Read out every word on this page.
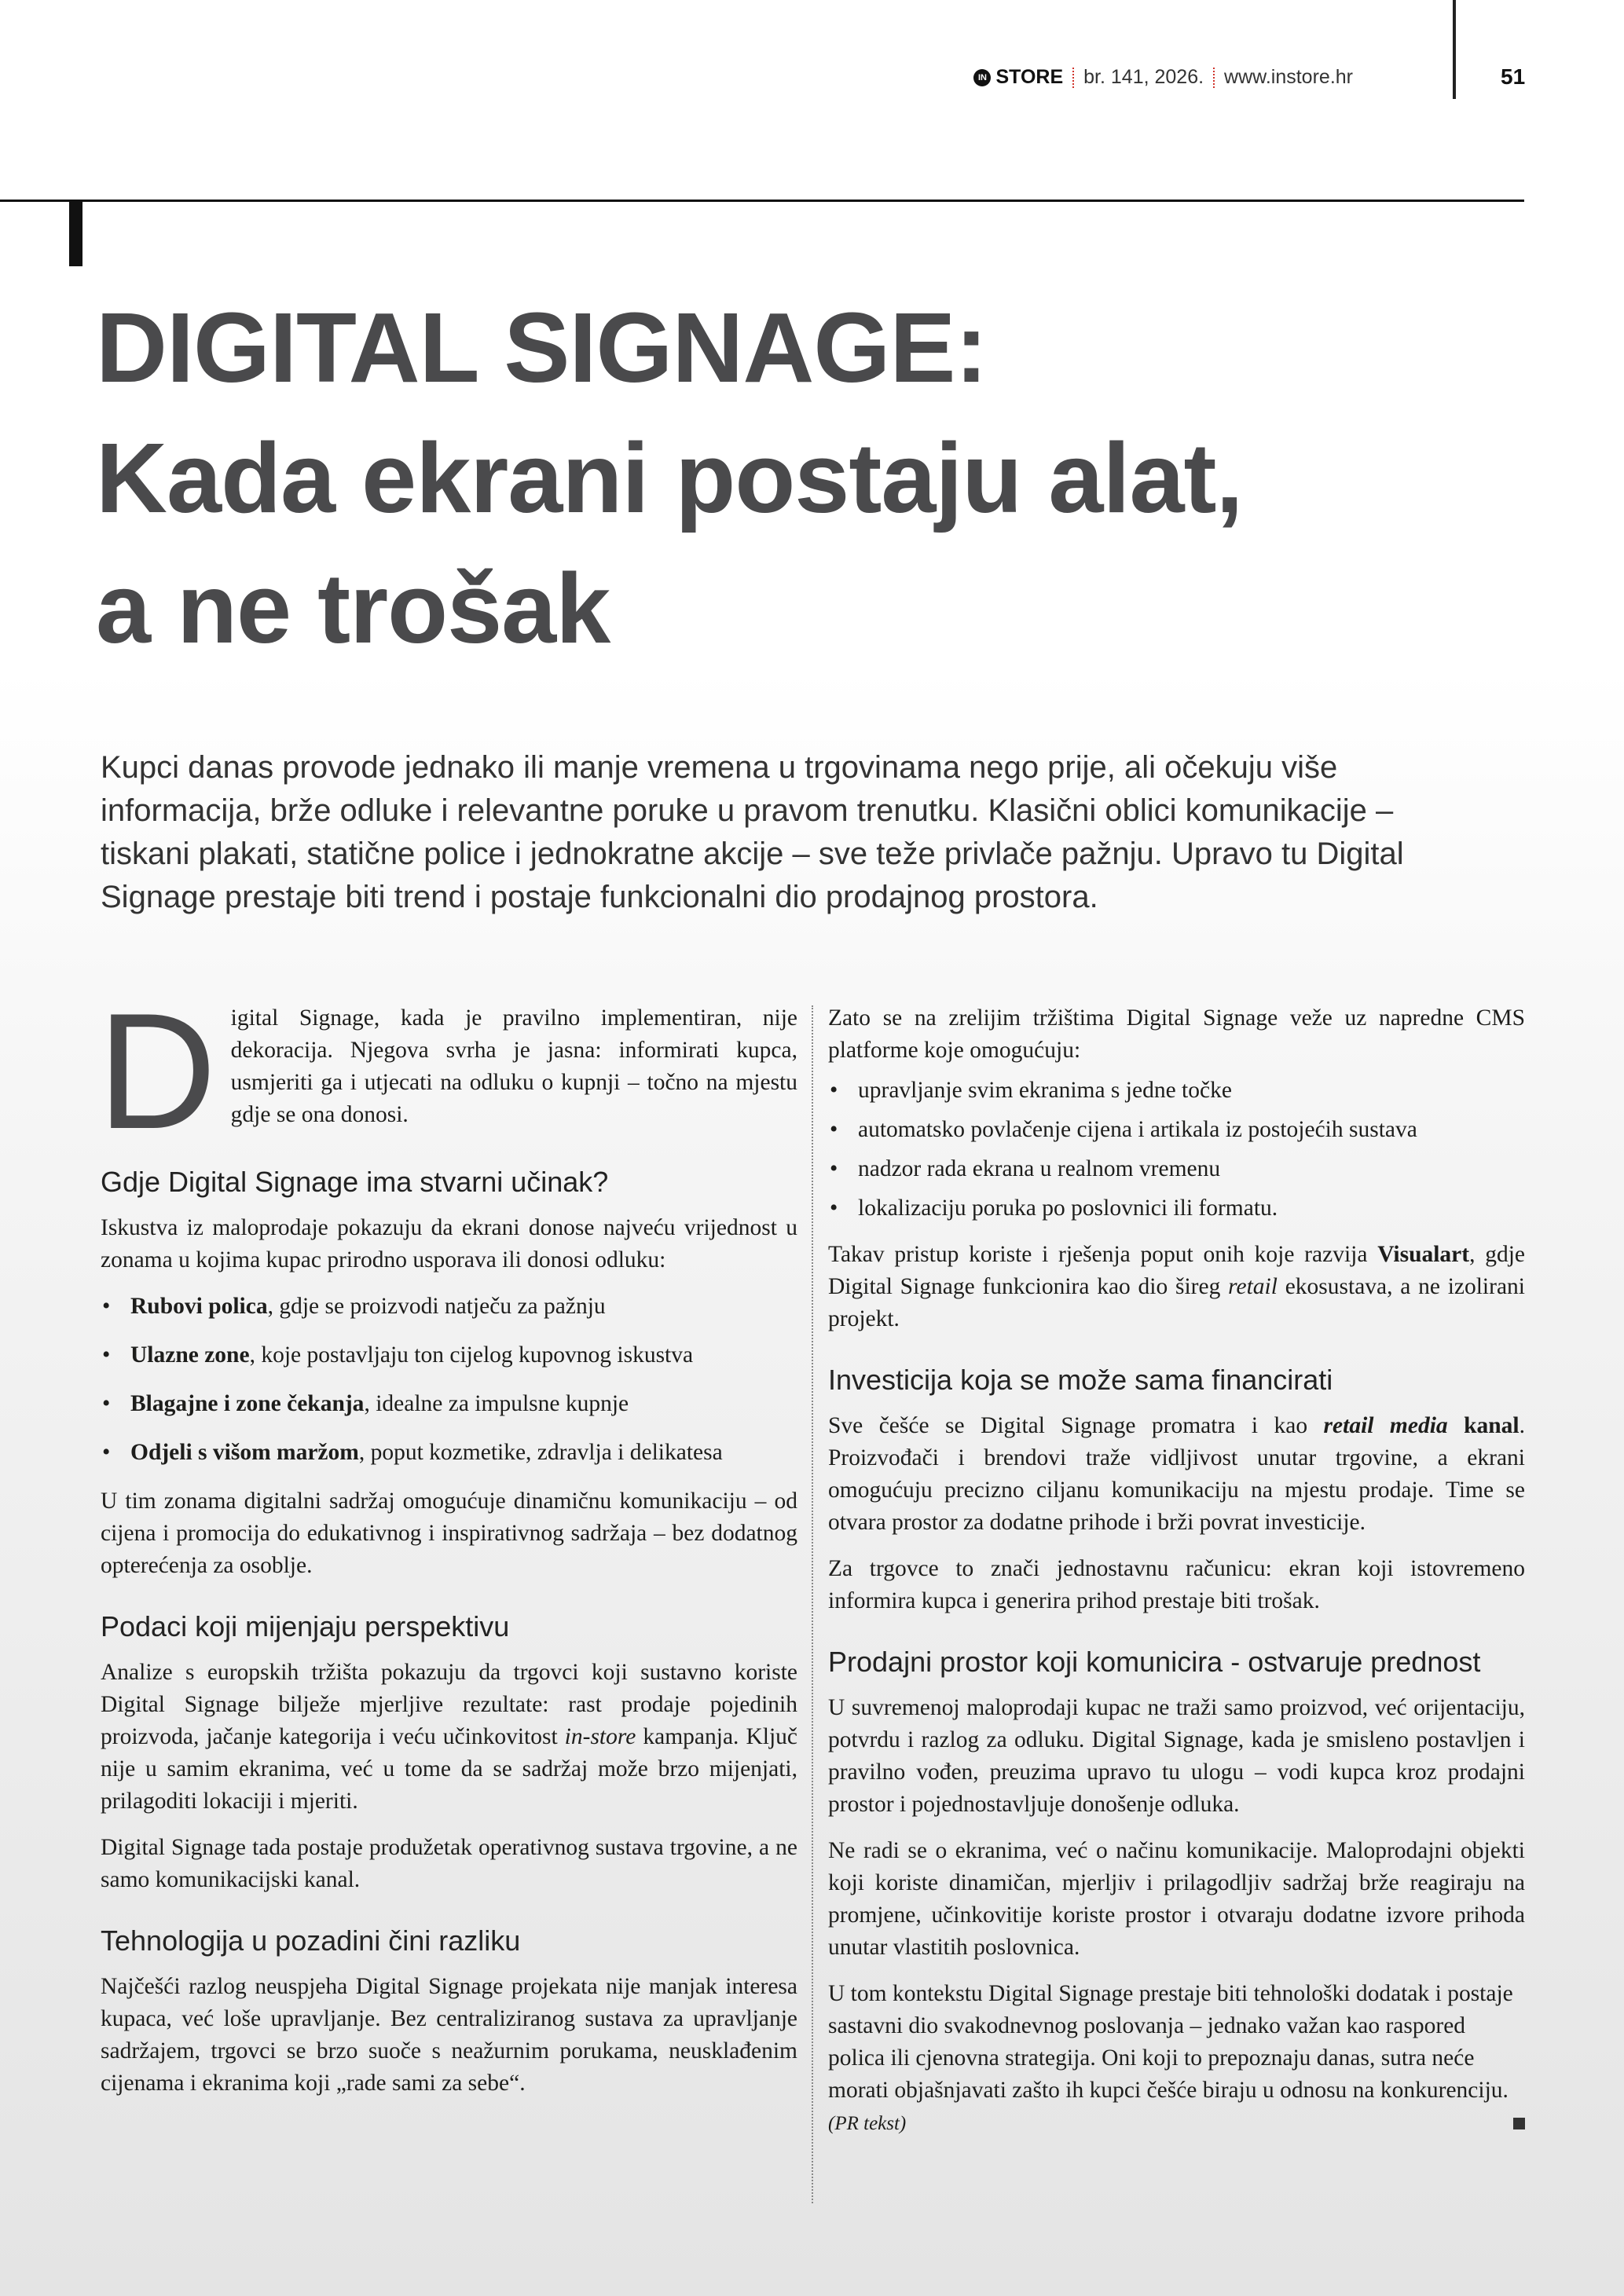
IN STORE br. 141, 2026. www.instore.hr	51
DIGITAL SIGNAGE:
Kada ekrani postaju alat,
a ne trošak

Kupci danas provode jednako ili manje vremena u trgovinama nego prije, ali očekuju više informacija, brže odluke i relevantne poruke u pravom trenutku. Klasični oblici komunikacije – tiskani plakati, statične police i jednokratne akcije – sve teže privlače pažnju. Upravo tu Digital Signage prestaje biti trend i postaje funkcionalni dio prodajnog prostora.

Digital Signage, kada je pravilno implementiran, nije dekoracija. Njegova svrha je jasna: informirati kupca, usmjeriti ga i utjecati na odluku o kupnji – točno na mjestu gdje se ona donosi.

Gdje Digital Signage ima stvarni učinak?

Iskustva iz maloprodaje pokazuju da ekrani donose najveću vrijednost u zonama u kojima kupac prirodno usporava ili donosi odluku:

• Rubovi polica, gdje se proizvodi natječu za pažnju
• Ulazne zone, koje postavljaju ton cijelog kupovnog iskustva
• Blagajne i zone čekanja, idealne za impulsne kupnje
• Odjeli s višom maržom, poput kozmetike, zdravlja i delikatesa

U tim zonama digitalni sadržaj omogućuje dinamičnu komunikaciju – od cijena i promocija do edukativnog i inspirativnog sadržaja – bez dodatnog opterećenja za osoblje.

Podaci koji mijenjaju perspektivu

Analize s europskih tržišta pokazuju da trgovci koji sustavno koriste Digital Signage bilježe mjerljive rezultate: rast prodaje pojedinih proizvoda, jačanje kategorija i veću učinkovitost in-store kampanja. Ključ nije u samim ekranima, već u tome da se sadržaj može brzo mijenjati, prilagoditi lokaciji i mjeriti.

Digital Signage tada postaje produžetak operativnog sustava trgovine, a ne samo komunikacijski kanal.

Tehnologija u pozadini čini razliku

Najčešći razlog neuspjeha Digital Signage projekata nije manjak interesa kupaca, već loše upravljanje. Bez centraliziranog sustava za upravljanje sadržajem, trgovci se brzo suoče s neažurnim porukama, neusklađenim cijenama i ekranima koji „rade sami za sebe“.

Zato se na zrelijim tržištima Digital Signage veže uz napredne CMS platforme koje omogućuju:

• upravljanje svim ekranima s jedne točke
• automatsko povlačenje cijena i artikala iz postojećih sustava
• nadzor rada ekrana u realnom vremenu
• lokalizaciju poruka po poslovnici ili formatu.

Takav pristup koriste i rješenja poput onih koje razvija Visualart, gdje Digital Signage funkcionira kao dio šireg retail ekosustava, a ne izolirani projekt.

Investicija koja se može sama financirati

Sve češće se Digital Signage promatra i kao retail media kanal. Proizvođači i brendovi traže vidljivost unutar trgovine, a ekrani omogućuju precizno ciljanu komunikaciju na mjestu prodaje. Time se otvara prostor za dodatne prihode i brži povrat investicije.

Za trgovce to znači jednostavnu računicu: ekran koji istovremeno informira kupca i generira prihod prestaje biti trošak.

Prodajni prostor koji komunicira - ostvaruje prednost

U suvremenoj maloprodaji kupac ne traži samo proizvod, već orijentaciju, potvrdu i razlog za odluku. Digital Signage, kada je smisleno postavljen i pravilno vođen, preuzima upravo tu ulogu – vodi kupca kroz prodajni prostor i pojednostavljuje donošenje odluka.

Ne radi se o ekranima, već o načinu komunikacije. Maloprodajni objekti koji koriste dinamičan, mjerljiv i prilagodljiv sadržaj brže reagiraju na promjene, učinkovitije koriste prostor i otvaraju dodatne izvore prihoda unutar vlastitih poslovnica.

U tom kontekstu Digital Signage prestaje biti tehnološki dodatak i postaje sastavni dio svakodnevnog poslovanja – jednako važan kao raspored polica ili cjenovna strategija. Oni koji to prepoznaju danas, sutra neće morati objašnjavati zašto ih kupci češće biraju u odnosu na konkurenciju. (PR tekst)
